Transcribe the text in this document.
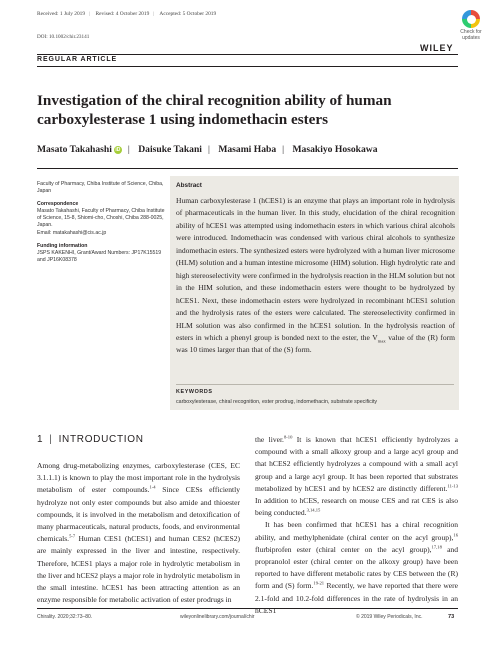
Received: 1 July 2019 | Revised: 4 October 2019 | Accepted: 5 October 2019
DOI: 10.1002/chir.23141
Check for
updates
WILEY
REGULAR ARTICLE
Investigation of the chiral recognition ability of human carboxylesterase 1 using indomethacin esters
Masato Takahashi iD | Daisuke Takani | Masami Haba | Masakiyo Hosokawa

Faculty of Pharmacy, Chiba Institute of Science, Chiba, Japan

Correspondence

Masato Takahashi, Faculty of Pharmacy, Chiba Institute of Science, 15-8, Shiomi-cho, Choshi, Chiba 288-0025, Japan.

Email: matakahashi@cis.ac.jp

Funding information

JSPS KAKENHI, Grant/Award Numbers: JP17K15519 and JP16K08378

Abstract
Human carboxylesterase 1 (hCES1) is an enzyme that plays an important role in hydrolysis of pharmaceuticals in the human liver. In this study, elucidation of the chiral recognition ability of hCES1 was attempted using indomethacin esters in which various chiral alcohols were introduced. Indomethacin was condensed with various chiral alcohols to synthesize indomethacin esters. The synthesized esters were hydrolyzed with a human liver microsome (HLM) solution and a human intestine microsome (HIM) solution. High hydrolytic rate and high stereoselectivity were confirmed in the hydrolysis reaction in the HLM solution but not in the HIM solution, and these indomethacin esters were thought to be hydrolyzed by hCES1. Next, these indomethacin esters were hydrolyzed in recombinant hCES1 solution and the hydrolysis rates of the esters were calculated. The stereoselectivity confirmed in HLM solution was also confirmed in the hCES1 solution. In the hydrolysis reaction of esters in which a phenyl group is bonded next to the ester, the $V_{max}$ value of the (R) form was 10 times larger than that of the (S) form.
KEYWORDS
carboxylesterase, chiral recognition, ester prodrug, indomethacin, substrate specificity
1 | INTRODUCTION

Among drug-metabolizing enzymes, carboxylesterase (CES, EC 3.1.1.1) is known to play the most important role in the hydrolysis metabolism of ester compounds.$^{1-4}$ Since CESs efficiently hydrolyze not only ester compounds but also amide and thioester compounds, it is involved in the metabolism and detoxification of many pharmaceuticals, natural products, foods, and environmental chemicals.$^{5-7}$ Human CES1 (hCES1) and human CES2 (hCES2) are mainly expressed in the liver and intestine, respectively. Therefore, hCES1 plays a major role in hydrolytic metabolism in the liver and hCES2 plays a major role in hydrolytic metabolism in the small intestine. hCES1 has been attracting attention as an enzyme responsible for metabolic activation of ester prodrugs in

the liver.$^{8-10}$ It is known that hCES1 efficiently hydrolyzes a compound with a small alkoxy group and a large acyl group and that hCES2 efficiently hydrolyzes a compound with a small acyl group and a large acyl group. It has been reported that substrates metabolized by hCES1 and by hCES2 are distinctly different.$^{11-13}$ In addition to hCES, research on mouse CES and rat CES is also being conducted.$^{3,14,15}$

It has been confirmed that hCES1 has a chiral recognition ability, and methylphenidate (chiral center on the acyl group),$^{16}$ flurbiprofen ester (chiral center on the acyl group),$^{17,18}$ and propranolol ester (chiral center on the alkoxy group) have been reported to have different metabolic rates by CES between the (R) form and (S) form.$^{19-21}$ Recently, we have reported that there were 2.1-fold and 10.2-fold differences in the rate of hydrolysis in an hCES1

Chirality. 2020;32:73–80.	wileyonlinelibrary.com/journal/chir	© 2019 Wiley Periodicals, Inc.	73
